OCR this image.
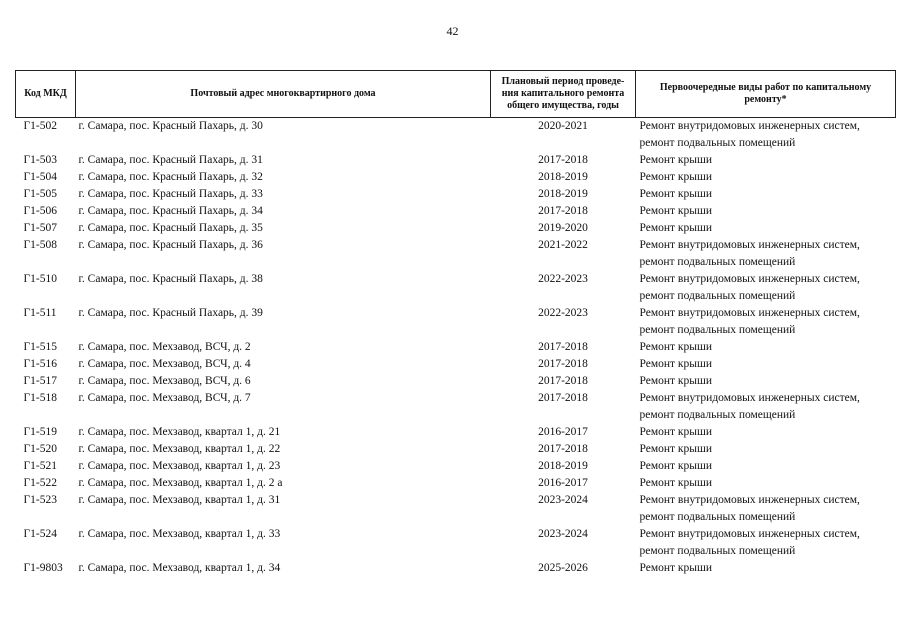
42
Код МКД	Почтовый адрес многоквартирного дома	Плановый период проведе-ния капитального ремонта общего имущества, годы	Первоочередные виды работ по капитальному ремонту*
Г1-502	г. Самара, пос. Красный Пахарь, д. 30	2020-2021	Ремонт внутридомовых инженерных систем, ремонт подвальных помещений
Г1-503	г. Самара, пос. Красный Пахарь, д. 31	2017-2018	Ремонт крыши
Г1-504	г. Самара, пос. Красный Пахарь, д. 32	2018-2019	Ремонт крыши
Г1-505	г. Самара, пос. Красный Пахарь, д. 33	2018-2019	Ремонт крыши
Г1-506	г. Самара, пос. Красный Пахарь, д. 34	2017-2018	Ремонт крыши
Г1-507	г. Самара, пос. Красный Пахарь, д. 35	2019-2020	Ремонт крыши
Г1-508	г. Самара, пос. Красный Пахарь, д. 36	2021-2022	Ремонт внутридомовых инженерных систем, ремонт подвальных помещений
Г1-510	г. Самара, пос. Красный Пахарь, д. 38	2022-2023	Ремонт внутридомовых инженерных систем, ремонт подвальных помещений
Г1-511	г. Самара, пос. Красный Пахарь, д. 39	2022-2023	Ремонт внутридомовых инженерных систем, ремонт подвальных помещений
Г1-515	г. Самара, пос. Мехзавод, ВСЧ, д. 2	2017-2018	Ремонт крыши
Г1-516	г. Самара, пос. Мехзавод, ВСЧ, д. 4	2017-2018	Ремонт крыши
Г1-517	г. Самара, пос. Мехзавод, ВСЧ, д. 6	2017-2018	Ремонт крыши
Г1-518	г. Самара, пос. Мехзавод, ВСЧ, д. 7	2017-2018	Ремонт внутридомовых инженерных систем, ремонт подвальных помещений
Г1-519	г. Самара, пос. Мехзавод, квартал 1, д. 21	2016-2017	Ремонт крыши
Г1-520	г. Самара, пос. Мехзавод, квартал 1, д. 22	2017-2018	Ремонт крыши
Г1-521	г. Самара, пос. Мехзавод, квартал 1, д. 23	2018-2019	Ремонт крыши
Г1-522	г. Самара, пос. Мехзавод, квартал 1, д. 2 а	2016-2017	Ремонт крыши
Г1-523	г. Самара, пос. Мехзавод, квартал 1, д. 31	2023-2024	Ремонт внутридомовых инженерных систем, ремонт подвальных помещений
Г1-524	г. Самара, пос. Мехзавод, квартал 1, д. 33	2023-2024	Ремонт внутридомовых инженерных систем, ремонт подвальных помещений
Г1-9803	г. Самара, пос. Мехзавод, квартал 1, д. 34	2025-2026	Ремонт крыши
